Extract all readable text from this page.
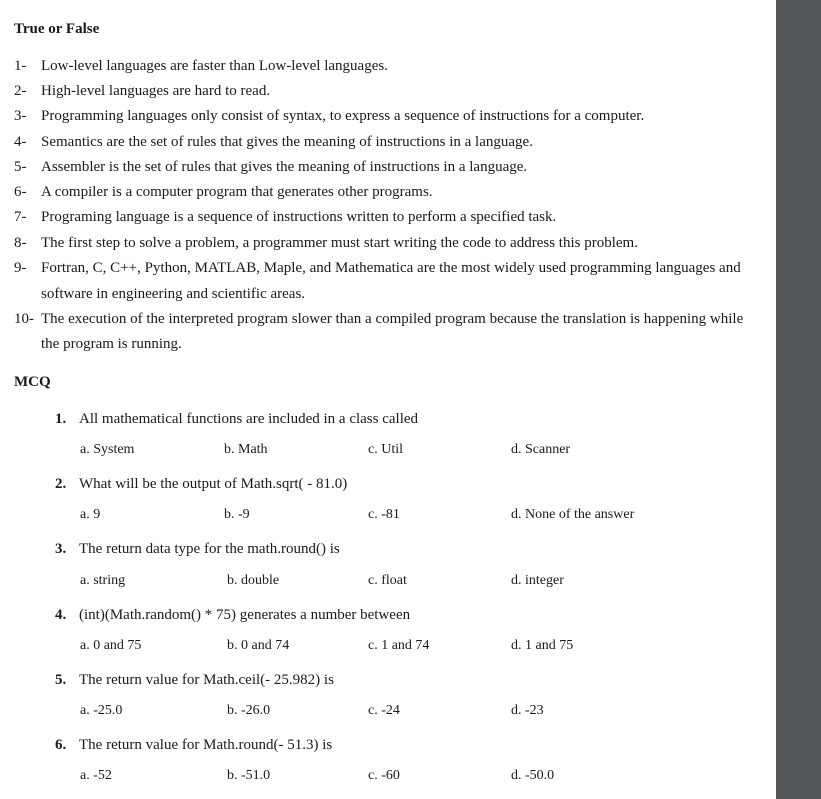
True or False
1- Low-level languages are faster than Low-level languages.
2- High-level languages are hard to read.
3- Programming languages only consist of syntax, to express a sequence of instructions for a computer.
4- Semantics are the set of rules that gives the meaning of instructions in a language.
5- Assembler is the set of rules that gives the meaning of instructions in a language.
6- A compiler is a computer program that generates other programs.
7- Programing language is a sequence of instructions written to perform a specified task.
8- The first step to solve a problem, a programmer must start writing the code to address this problem.
9- Fortran, C, C++, Python, MATLAB, Maple, and Mathematica are the most widely used programming languages and
software in engineering and scientific areas.
10- The execution of the interpreted program slower than a compiled program because the translation is happening while
the program is running.
MCQ
1. All mathematical functions are included in a class called
a. System	b. Math	c. Util	d. Scanner
2. What will be the output of Math.sqrt( - 81.0)
a. 9	b. -9	c. -81	d. None of the answer
3. The return data type for the math.round() is
a. string	b. double	c. float	d. integer
4. (int)(Math.random() * 75) generates a number between
a. 0 and 75	b. 0 and 74	c. 1 and 74	d. 1 and 75
5. The return value for Math.ceil(- 25.982) is
a. -25.0	b. -26.0	c. -24	d. -23
6. The return value for Math.round(- 51.3) is
a. -52	b. -51.0	c. -60	d. -50.0
